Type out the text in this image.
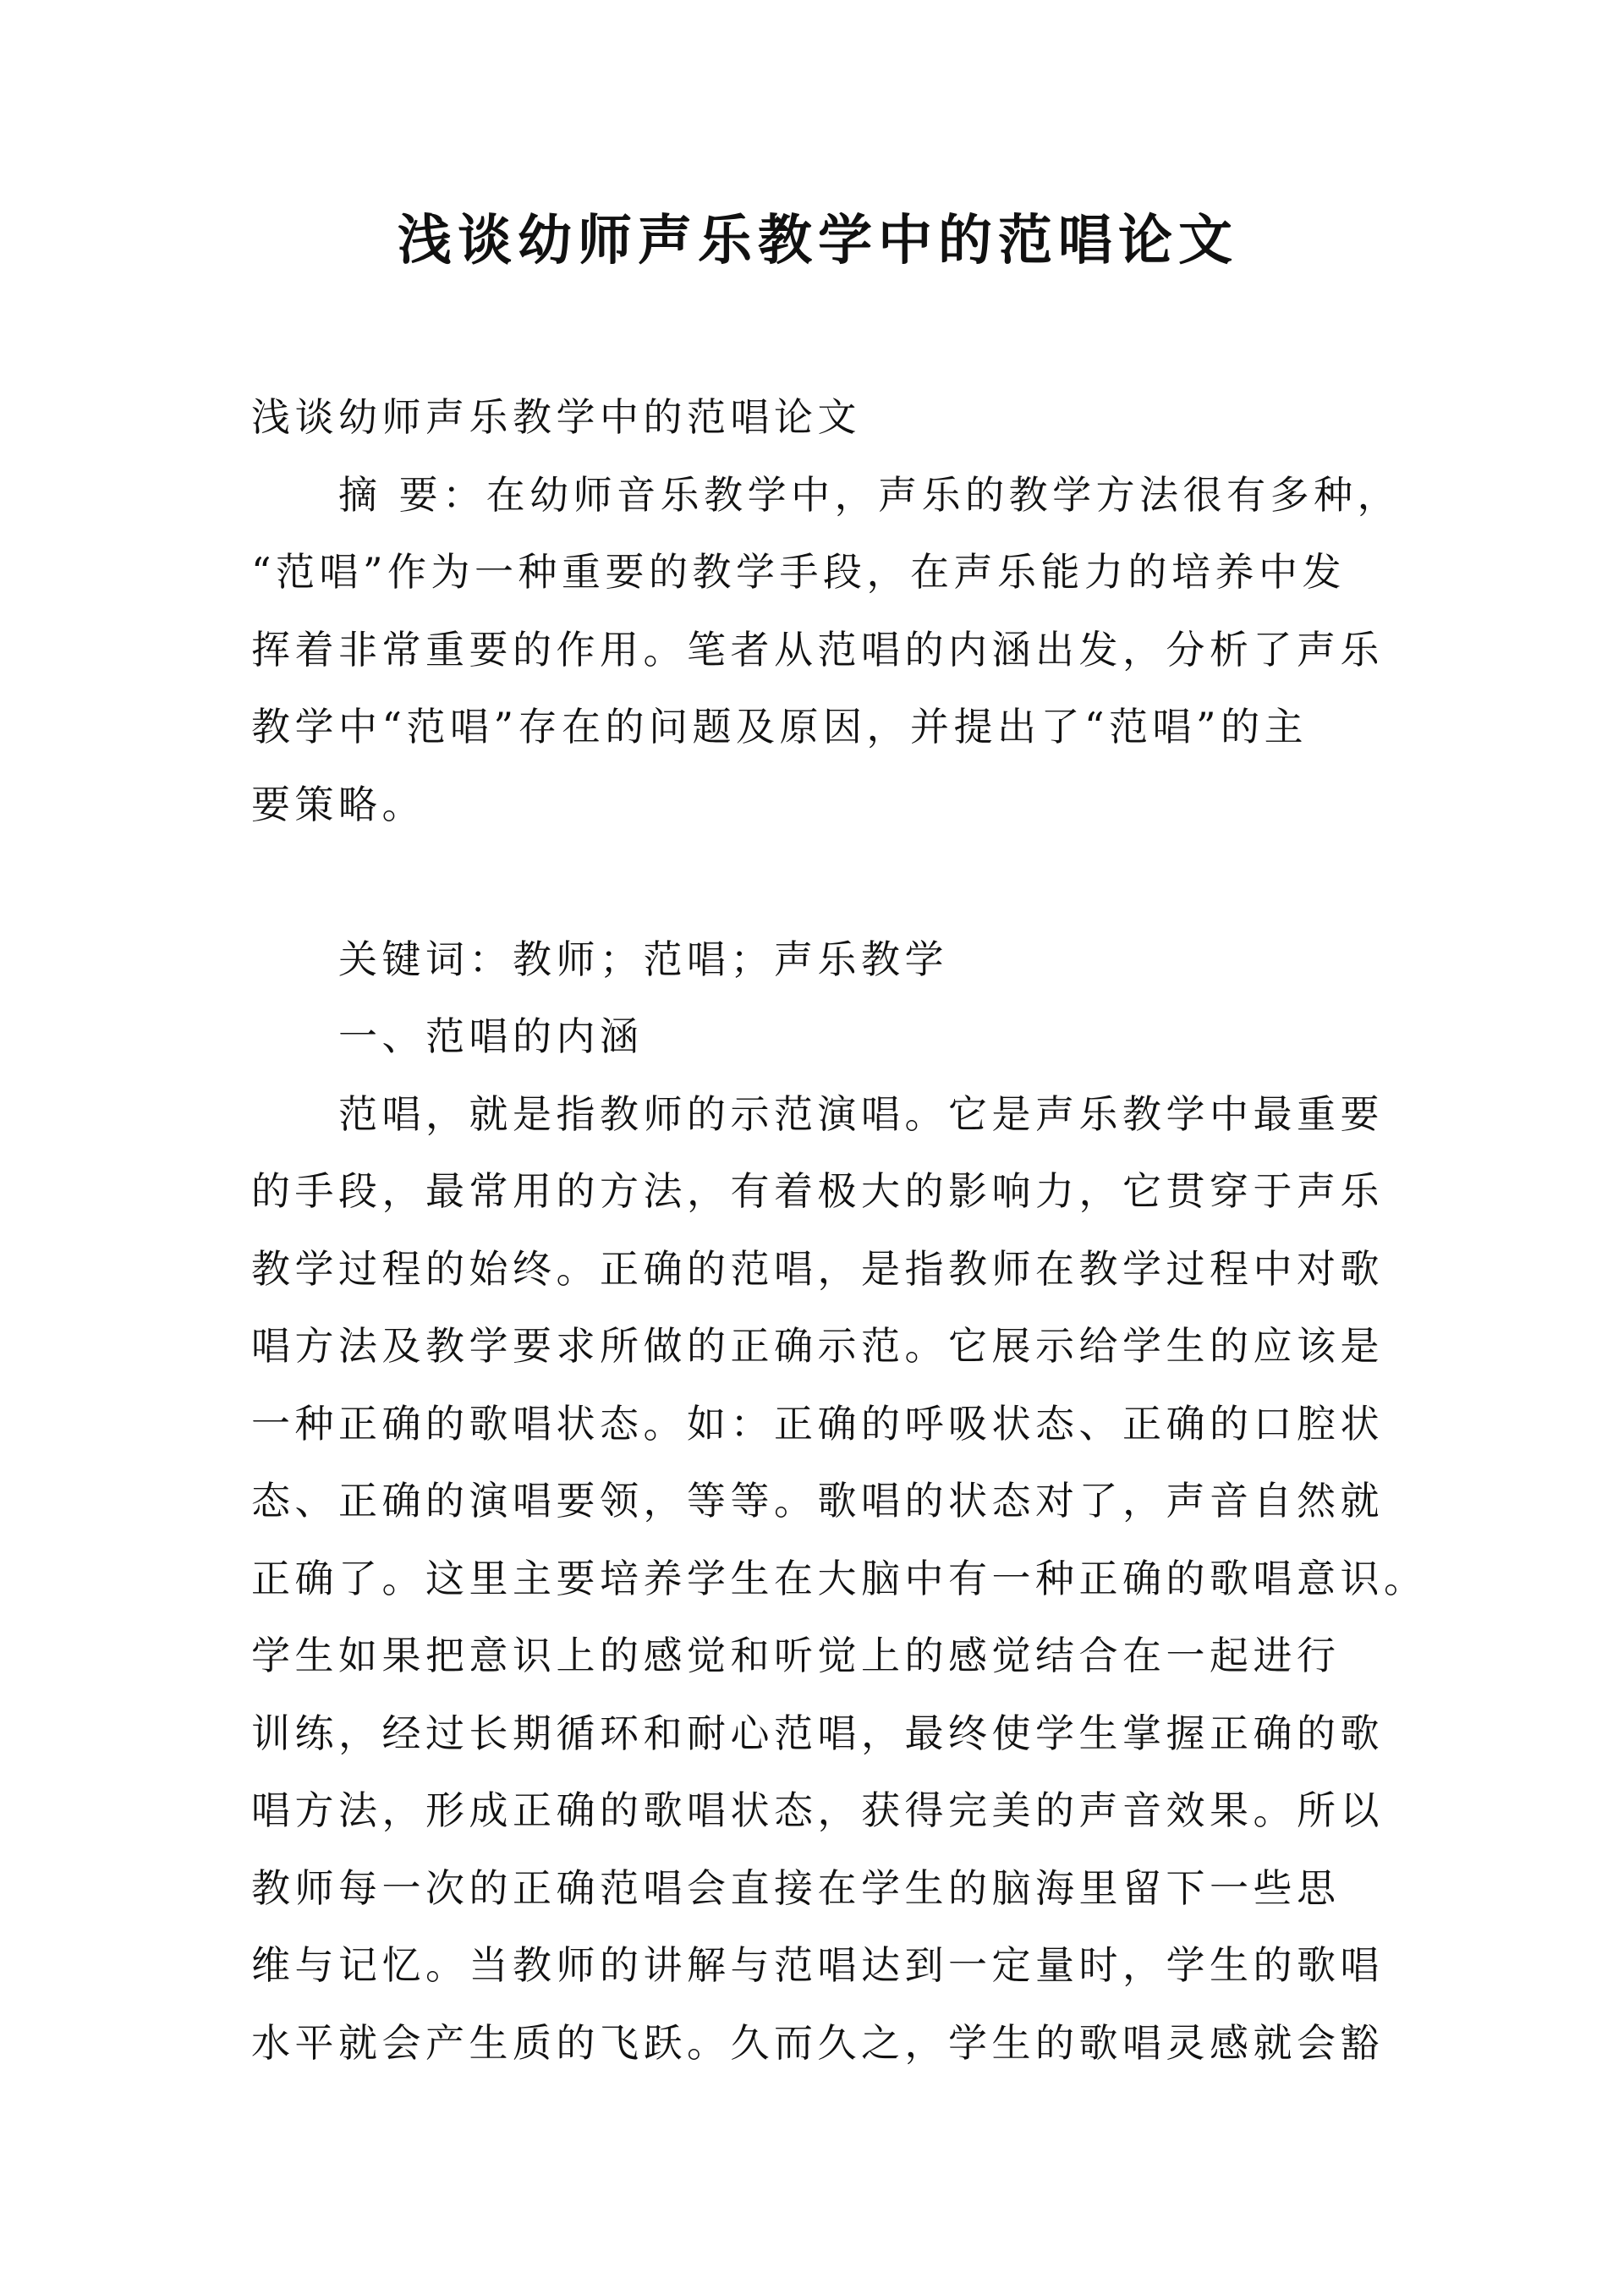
浅谈幼师声乐教学中的范唱论文
浅谈幼师声乐教学中的范唱论文
摘 要：在幼师音乐教学中，声乐的教学方法很有多种，
“范唱”作为一种重要的教学手段，在声乐能力的培养中发
挥着非常重要的作用。笔者从范唱的内涵出发，分析了声乐
教学中“范唱”存在的问题及原因，并提出了“范唱”的主
要策略。
关键词：教师；范唱；声乐教学
一、范唱的内涵
范唱，就是指教师的示范演唱。它是声乐教学中最重要
的手段，最常用的方法，有着极大的影响力，它贯穿于声乐
教学过程的始终。正确的范唱，是指教师在教学过程中对歌
唱方法及教学要求所做的正确示范。它展示给学生的应该是
一种正确的歌唱状态。如：正确的呼吸状态、正确的口腔状
态、正确的演唱要领，等等。歌唱的状态对了，声音自然就
正确了。这里主要培养学生在大脑中有一种正确的歌唱意识。
学生如果把意识上的感觉和听觉上的感觉结合在一起进行
训练，经过长期循环和耐心范唱，最终使学生掌握正确的歌
唱方法，形成正确的歌唱状态，获得完美的声音效果。所以
教师每一次的正确范唱会直接在学生的脑海里留下一些思
维与记忆。当教师的讲解与范唱达到一定量时，学生的歌唱
水平就会产生质的飞跃。久而久之，学生的歌唱灵感就会豁
